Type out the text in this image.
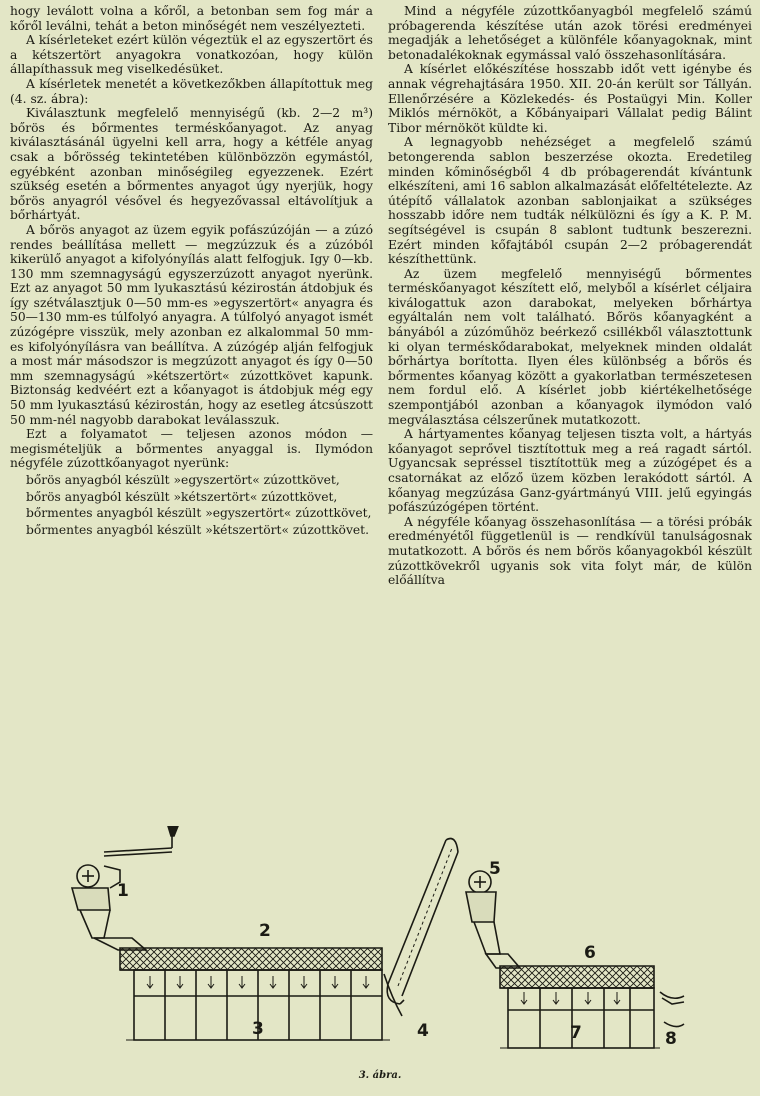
hogy leválott volna a kőről, a betonban sem fog már a kőről leválni, tehát a beton minőségét nem veszélyezteti.

A kísérleteket ezért külön végeztük el az egyszertört és a kétszertört anyagokra vonatkozóan, hogy külön állapíthassuk meg viselkedésüket.

A kísérletek menetét a következőkben állapítottuk meg (4. sz. ábra):

Kiválasztunk megfelelő mennyiségű (kb. 2—2 m³) bőrös és bőrmentes terméskőanyagot. Az anyag kiválasztásánál ügyelni kell arra, hogy a kétféle anyag csak a bőrösség tekintetében különbözzön egymástól, egyébként azonban minőségileg egyezzenek. Ezért szükség esetén a bőrmentes anyagot úgy nyerjük, hogy bőrös anyagról vésővel és hegyezővassal eltávolítjuk a bőrhártyát.

A bőrös anyagot az üzem egyik pofászúzóján — a zúzó rendes beállítása mellett — megzúzzuk és a zúzóból kikerülő anyagot a kifolyónyílás alatt felfogjuk. Igy 0—kb. 130 mm szemnagyságú egyszerzúzott anyagot nyerünk. Ezt az anyagot 50 mm lyukasztású kézirostán átdobjuk és így szétválasztjuk 0—50 mm-es »egyszertört« anyagra és 50—130 mm-es túlfolyó anyagra. A túlfolyó anyagot ismét zúzógépre visszük, mely azonban ez alkalommal 50 mm-es kifolyónyílásra van beállítva. A zúzógép alján felfogjuk a most már másodszor is megzúzott anyagot és így 0—50 mm szemnagyságú »kétszertört« zúzottkövet kapunk. Biztonság kedvéért ezt a kőanyagot is átdobjuk még egy 50 mm lyukasztású kézirostán, hogy az esetleg átcsúszott 50 mm-nél nagyobb darabokat leválasszuk.

Ezt a folyamatot — teljesen azonos módon — megismételjük a bőrmentes anyaggal is. Ilymódon négyféle zúzottkőanyagot nyerünk:

bőrös anyagból készült »egyszertört« zúzottkövet,

bőrös anyagból készült »kétszertört« zúzottkövet,

bőrmentes anyagból készült »egyszertört« zúzottkövet,

bőrmentes anyagból készült »kétszertört« zúzottkövet.

Mind a négyféle zúzottkőanyagból megfelelő számú próbagerenda készítése után azok törési eredményei megadják a lehetőséget a különféle kőanyagoknak, mint betonadalékoknak egymással való összehasonlítására.

A kísérlet előkészítése hosszabb időt vett igénybe és annak végrehajtására 1950. XII. 20-án került sor Tállyán. Ellenőrzésére a Közlekedés- és Postaügyi Min. Koller Miklós mérnököt, a Kőbányaipari Vállalat pedig Bálint Tibor mérnököt küldte ki.

A legnagyobb nehézséget a megfelelő számú betongerenda sablon beszerzése okozta. Eredetileg minden kőminőségből 4 db próbagerendát kívántunk elkészíteni, ami 16 sablon alkalmazását előfeltételezte. Az útépítő vállalatok azonban sablonjaikat a szükséges hosszabb időre nem tudták nélkülözni és így a K. P. M. segítségével is csupán 8 sablont tudtunk beszerezni. Ezért minden kőfajtából csupán 2—2 próbagerendát készíthettünk.

Az üzem megfelelő mennyiségű bőrmentes terméskőanyagot készített elő, melyből a kísérlet céljaira kiválogattuk azon darabokat, melyeken bőrhártya egyáltalán nem volt található. Bőrös kőanyagként a bányából a zúzóműhöz beérkező csillékből választottunk ki olyan terméskődarabokat, melyeknek minden oldalát bőrhártya borította. Ilyen éles különbség a bőrös és bőrmentes kőanyag között a gyakorlatban természetesen nem fordul elő. A kísérlet jobb kiértékelhetősége szempontjából azonban a kőanyagok ilymódon való megválasztása célszerűnek mutatkozott.

A hártyamentes kőanyag teljesen tiszta volt, a hártyás kőanyagot seprővel tisztítottuk meg a reá ragadt sártól. Ugyancsak sepréssel tisztítottük meg a zúzógépet és a csatornákat az előző üzem közben lerakódott sártól. A kőanyag megzúzása Ganz-gyártmányú VIII. jelű egyingás pofászúzógépen történt.

A négyféle kőanyag összehasonlítása — a törési próbák eredményétől függetlenül is — rendkívül tanulságosnak mutatkozott. A bőrös és nem bőrös kőanyagokból készült zúzottkövekről ugyanis sok vita folyt már, de külön előállítva

1
2
3	4
5
6
7	8
3. ábra.
